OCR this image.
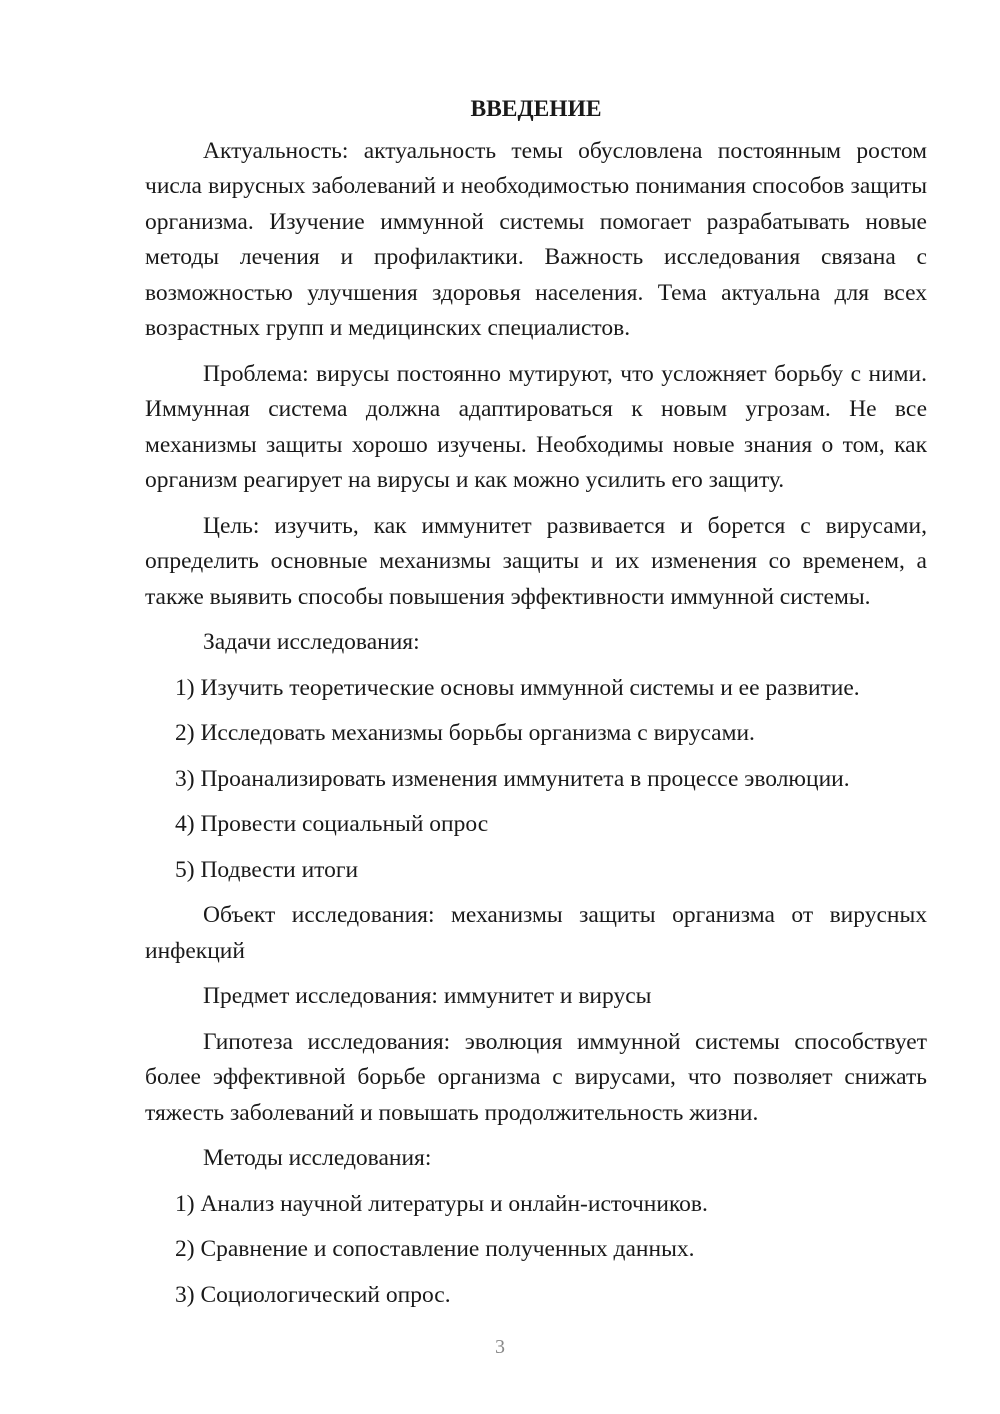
ВВЕДЕНИЕ

Актуальность: актуальность темы обусловлена постоянным ростом числа вирусных заболеваний и необходимостью понимания способов защиты организма. Изучение иммунной системы помогает разрабатывать новые методы лечения и профилактики. Важность исследования связана с возможностью улучшения здоровья населения. Тема актуальна для всех возрастных групп и медицинских специалистов.

Проблема: вирусы постоянно мутируют, что усложняет борьбу с ними. Иммунная система должна адаптироваться к новым угрозам. Не все механизмы защиты хорошо изучены. Необходимы новые знания о том, как организм реагирует на вирусы и как можно усилить его защиту.

Цель: изучить, как иммунитет развивается и борется с вирусами, определить основные механизмы защиты и их изменения со временем, а также выявить способы повышения эффективности иммунной системы.

Задачи исследования:

1) Изучить теоретические основы иммунной системы и ее развитие.
2) Исследовать механизмы борьбы организма с вирусами.
3) Проанализировать изменения иммунитета в процессе эволюции.
4) Провести социальный опрос
5) Подвести итоги

Объект исследования: механизмы защиты организма от вирусных инфекций

Предмет исследования: иммунитет и вирусы

Гипотеза исследования: эволюция иммунной системы способствует более эффективной борьбе организма с вирусами, что позволяет снижать тяжесть заболеваний и повышать продолжительность жизни.

Методы исследования:

1) Анализ научной литературы и онлайн-источников.
2) Сравнение и сопоставление полученных данных.
3) Социологический опрос.
3
